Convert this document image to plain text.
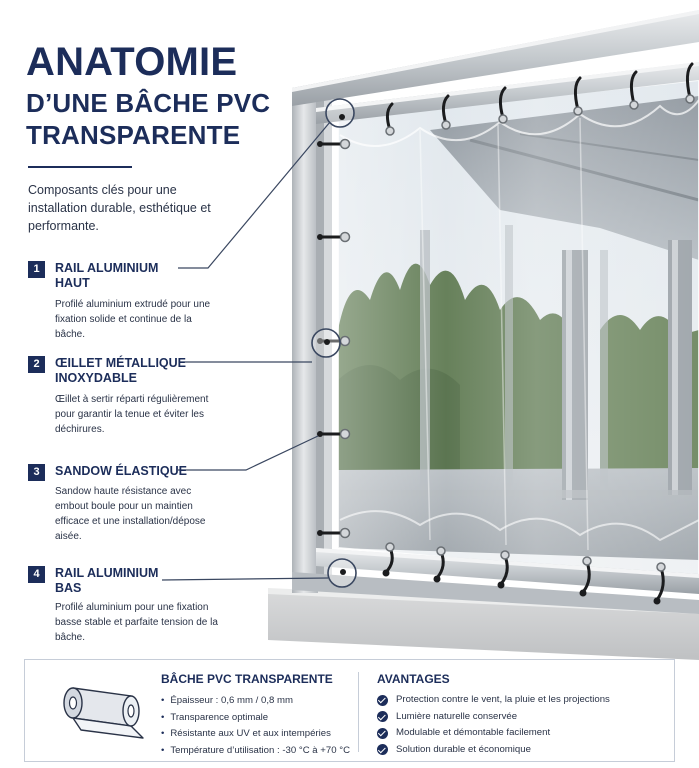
ANATOMIE
D’UNE BÂCHE PVC
TRANSPARENTE
Composants clés pour une installation durable, esthétique et performante.
1	RAIL ALUMINIUM HAUT
Profilé aluminium extrudé pour une fixation solide et continue de la bâche.
2	ŒILLET MÉTALLIQUE INOXYDABLE
Œillet à sertir réparti régulièrement pour garantir la tenue et éviter les déchirures.
3	SANDOW ÉLASTIQUE
Sandow haute résistance avec embout boule pour un maintien efficace et une installation/dépose aisée.
4	RAIL ALUMINIUM BAS
Profilé aluminium pour une fixation basse stable et parfaite tension de la bâche.
BÂCHE PVC TRANSPARENTE
• Épaisseur : 0,6 mm / 0,8 mm
• Transparence optimale
• Résistante aux UV et aux intempéries
• Température d’utilisation : -30 °C à +70 °C
AVANTAGES
Protection contre le vent, la pluie et les projections
Lumière naturelle conservée
Modulable et démontable facilement
Solution durable et économique
